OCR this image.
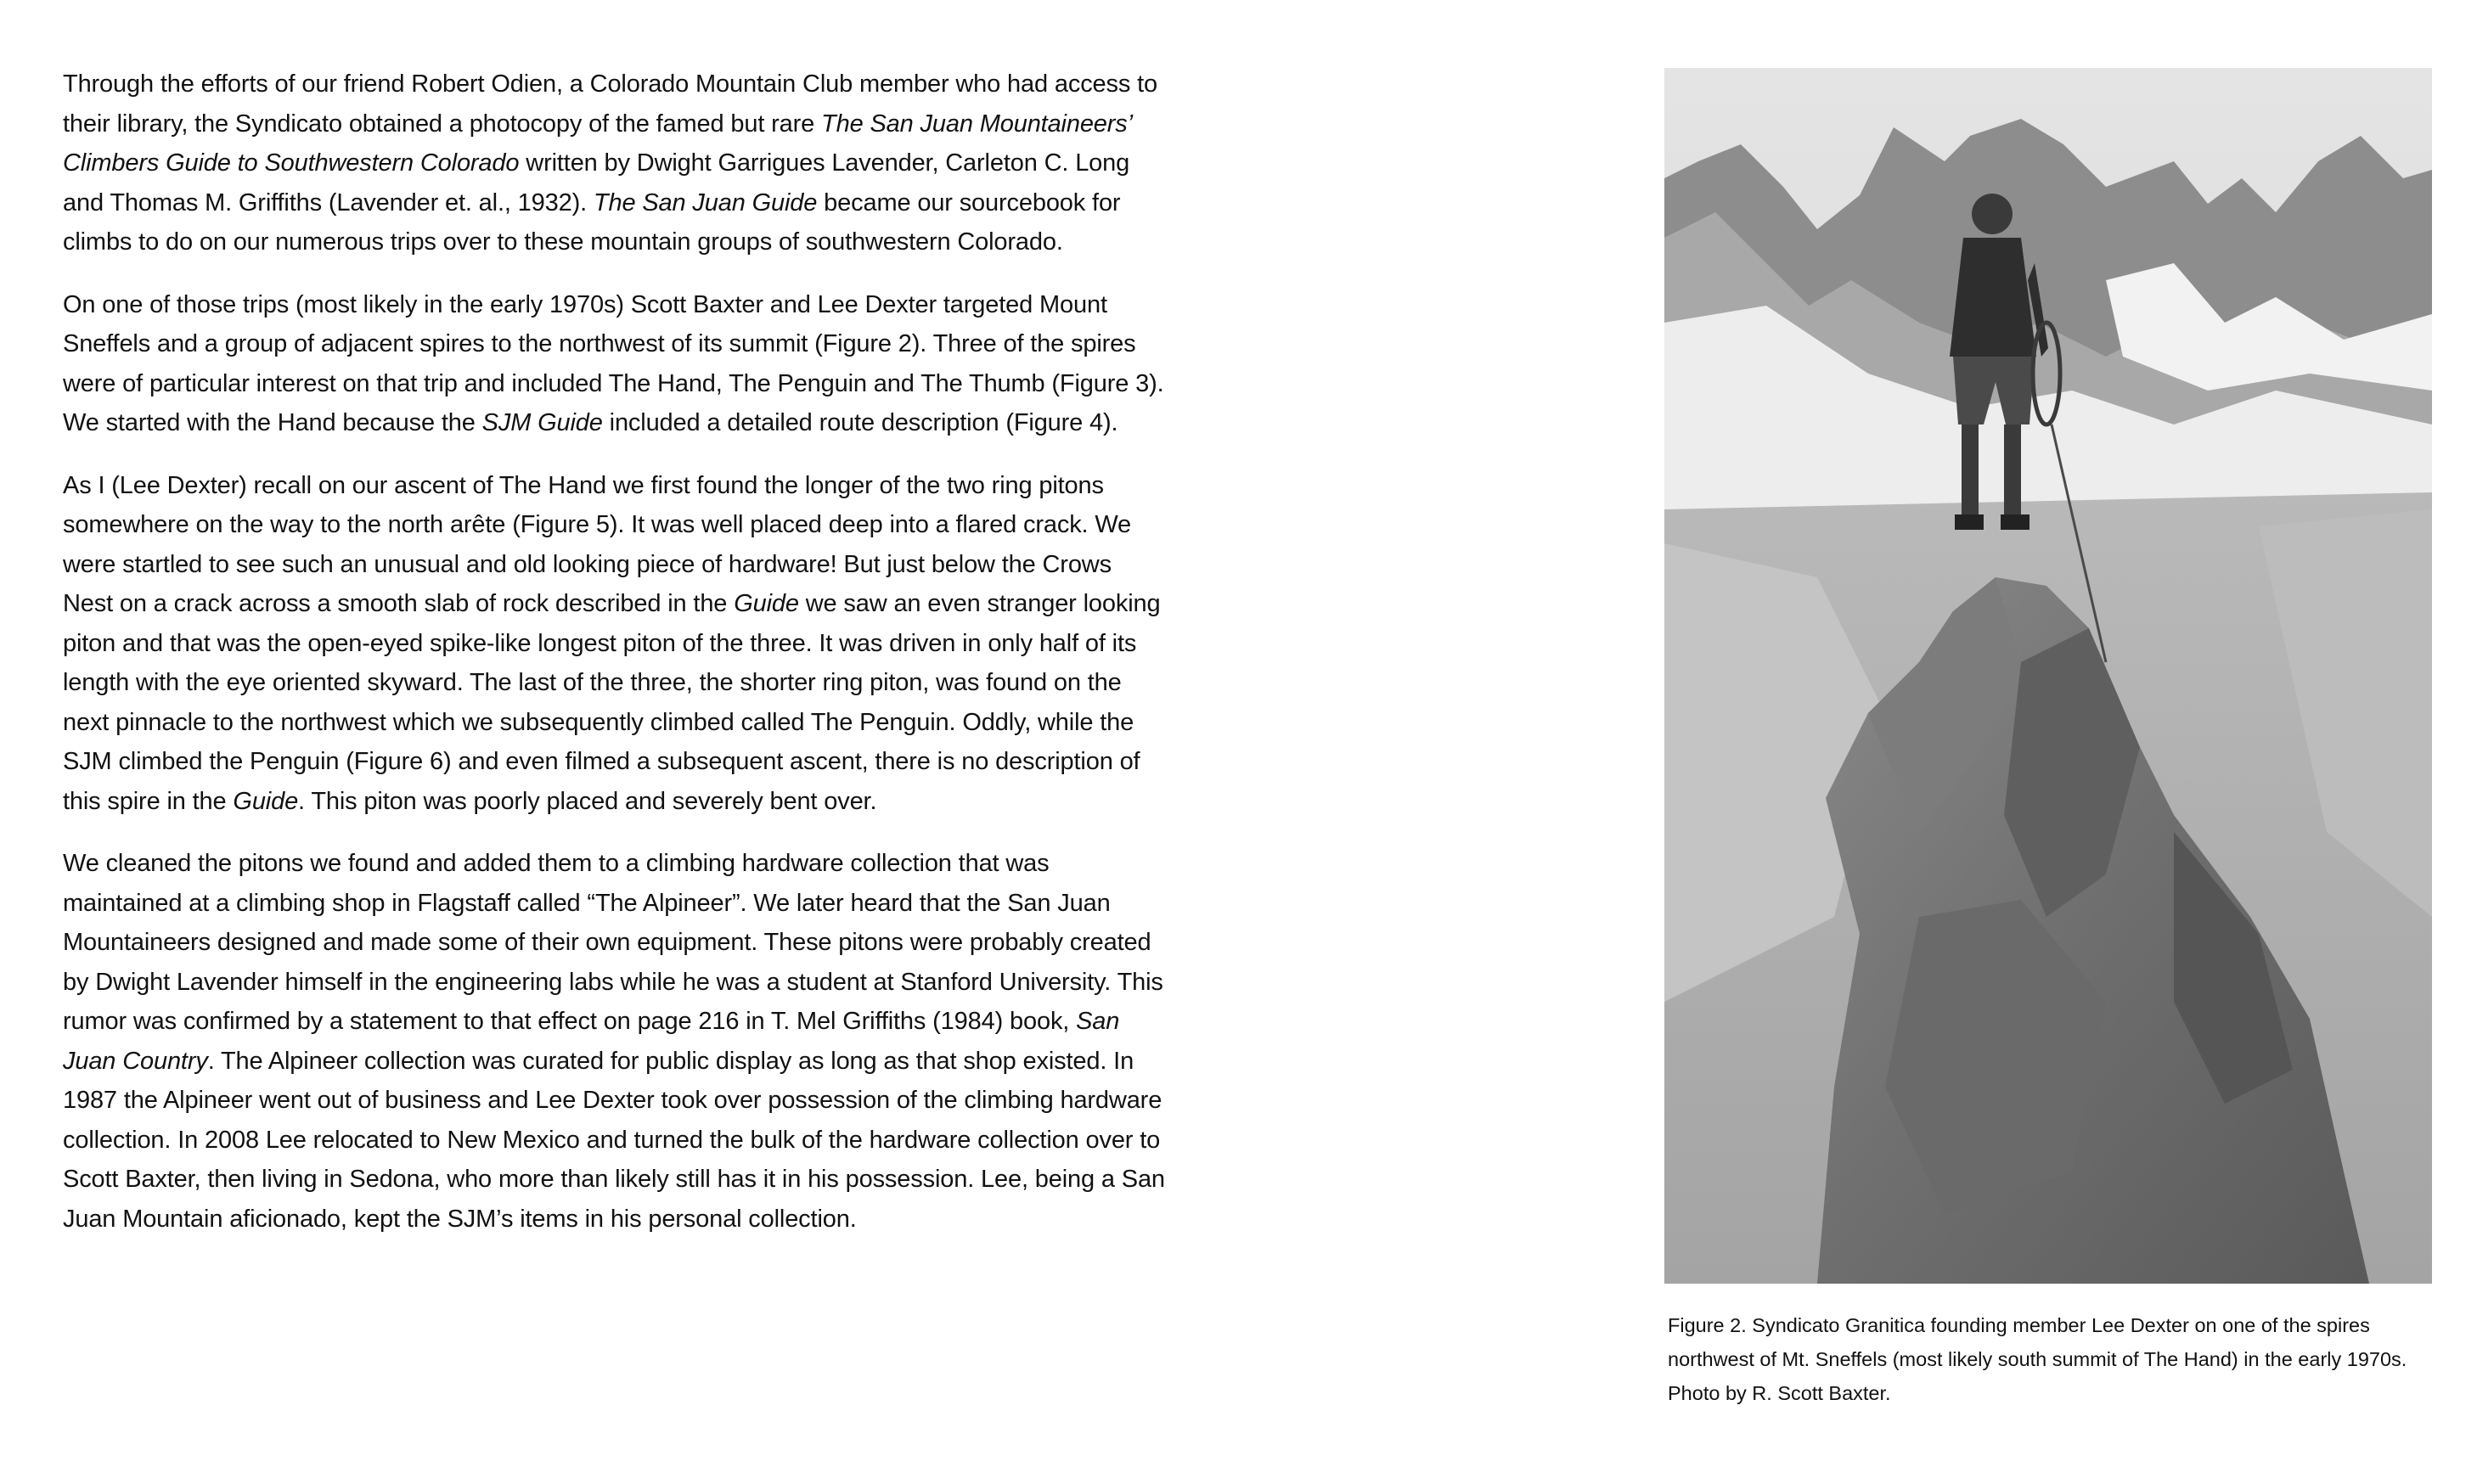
Through the efforts of our friend Robert Odien, a Colorado Mountain Club member who had access to their library, the Syndicato obtained a photocopy of the famed but rare The San Juan Mountaineers’ Climbers Guide to Southwestern Colorado written by Dwight Garrigues Lavender, Carleton C. Long and Thomas M. Griffiths (Lavender et. al., 1932). The San Juan Guide became our sourcebook for climbs to do on our numerous trips over to these mountain groups of southwestern Colorado.

On one of those trips (most likely in the early 1970s) Scott Baxter and Lee Dexter targeted Mount Sneffels and a group of adjacent spires to the northwest of its summit (Figure 2). Three of the spires were of particular interest on that trip and included The Hand, The Penguin and The Thumb (Figure 3). We started with the Hand because the SJM Guide included a detailed route description (Figure 4).

As I (Lee Dexter) recall on our ascent of The Hand we first found the longer of the two ring pitons somewhere on the way to the north arête (Figure 5). It was well placed deep into a flared crack. We were startled to see such an unusual and old looking piece of hardware! But just below the Crows Nest on a crack across a smooth slab of rock described in the Guide we saw an even stranger looking piton and that was the open-eyed spike-like longest piton of the three. It was driven in only half of its length with the eye oriented skyward. The last of the three, the shorter ring piton, was found on the next pinnacle to the northwest which we subsequently climbed called The Penguin. Oddly, while the SJM climbed the Penguin (Figure 6) and even filmed a subsequent ascent, there is no description of this spire in the Guide. This piton was poorly placed and severely bent over.

We cleaned the pitons we found and added them to a climbing hardware collection that was maintained at a climbing shop in Flagstaff called “The Alpineer”. We later heard that the San Juan Mountaineers designed and made some of their own equipment. These pitons were probably created by Dwight Lavender himself in the engineering labs while he was a student at Stanford University. This rumor was confirmed by a statement to that effect on page 216 in T. Mel Griffiths (1984) book, San Juan Country. The Alpineer collection was curated for public display as long as that shop existed. In 1987 the Alpineer went out of business and Lee Dexter took over possession of the climbing hardware collection. In 2008 Lee relocated to New Mexico and turned the bulk of the hardware collection over to Scott Baxter, then living in Sedona, who more than likely still has it in his possession. Lee, being a San Juan Mountain aficionado, kept the SJM’s items in his personal collection.

Figure 2. Syndicato Granitica founding member Lee Dexter on one of the spires northwest of Mt. Sneffels (most likely south summit of The Hand) in the early 1970s. Photo by R. Scott Baxter.
